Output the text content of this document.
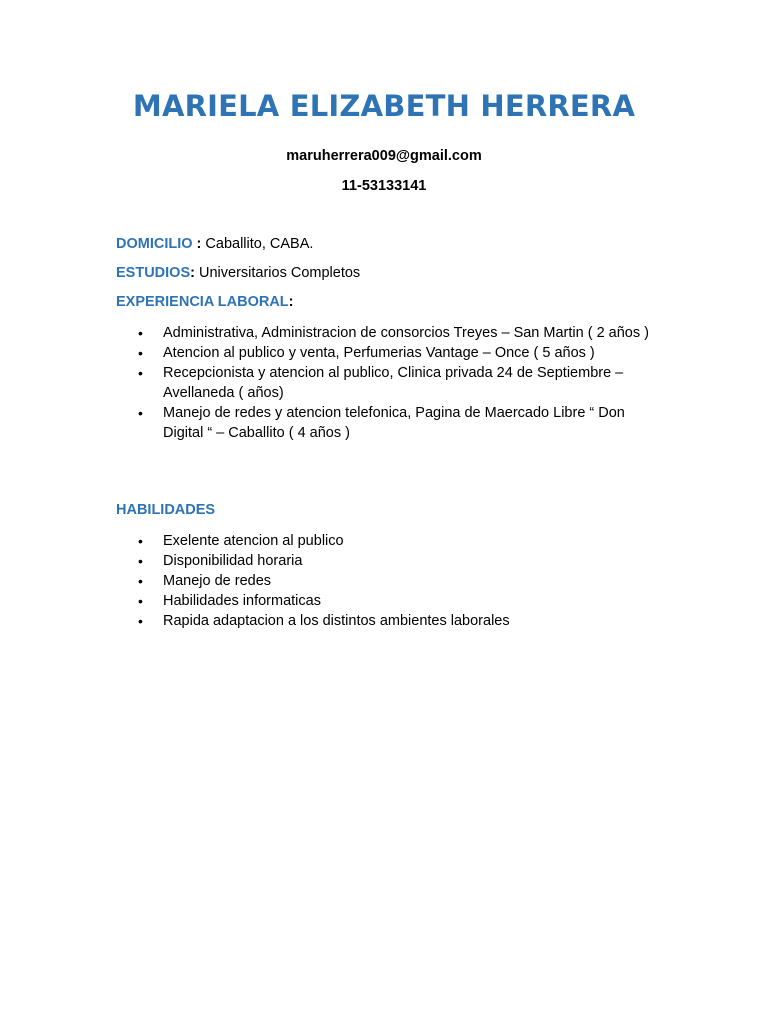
MARIELA ELIZABETH HERRERA
maruherrera009@gmail.com
11-53133141
DOMICILIO : Caballito, CABA.
ESTUDIOS: Universitarios Completos
EXPERIENCIA LABORAL:
• Administrativa, Administracion de consorcios Treyes – San Martin ( 2 años )
• Atencion al publico y venta, Perfumerias Vantage – Once ( 5 años )
• Recepcionista y atencion al publico, Clinica privada 24 de Septiembre – Avellaneda ( años)
• Manejo de redes y atencion telefonica, Pagina de Maercado Libre “ Don Digital “ – Caballito ( 4 años )
HABILIDADES
• Exelente atencion al publico
• Disponibilidad horaria
• Manejo de redes
• Habilidades informaticas
• Rapida adaptacion a los distintos ambientes laborales
